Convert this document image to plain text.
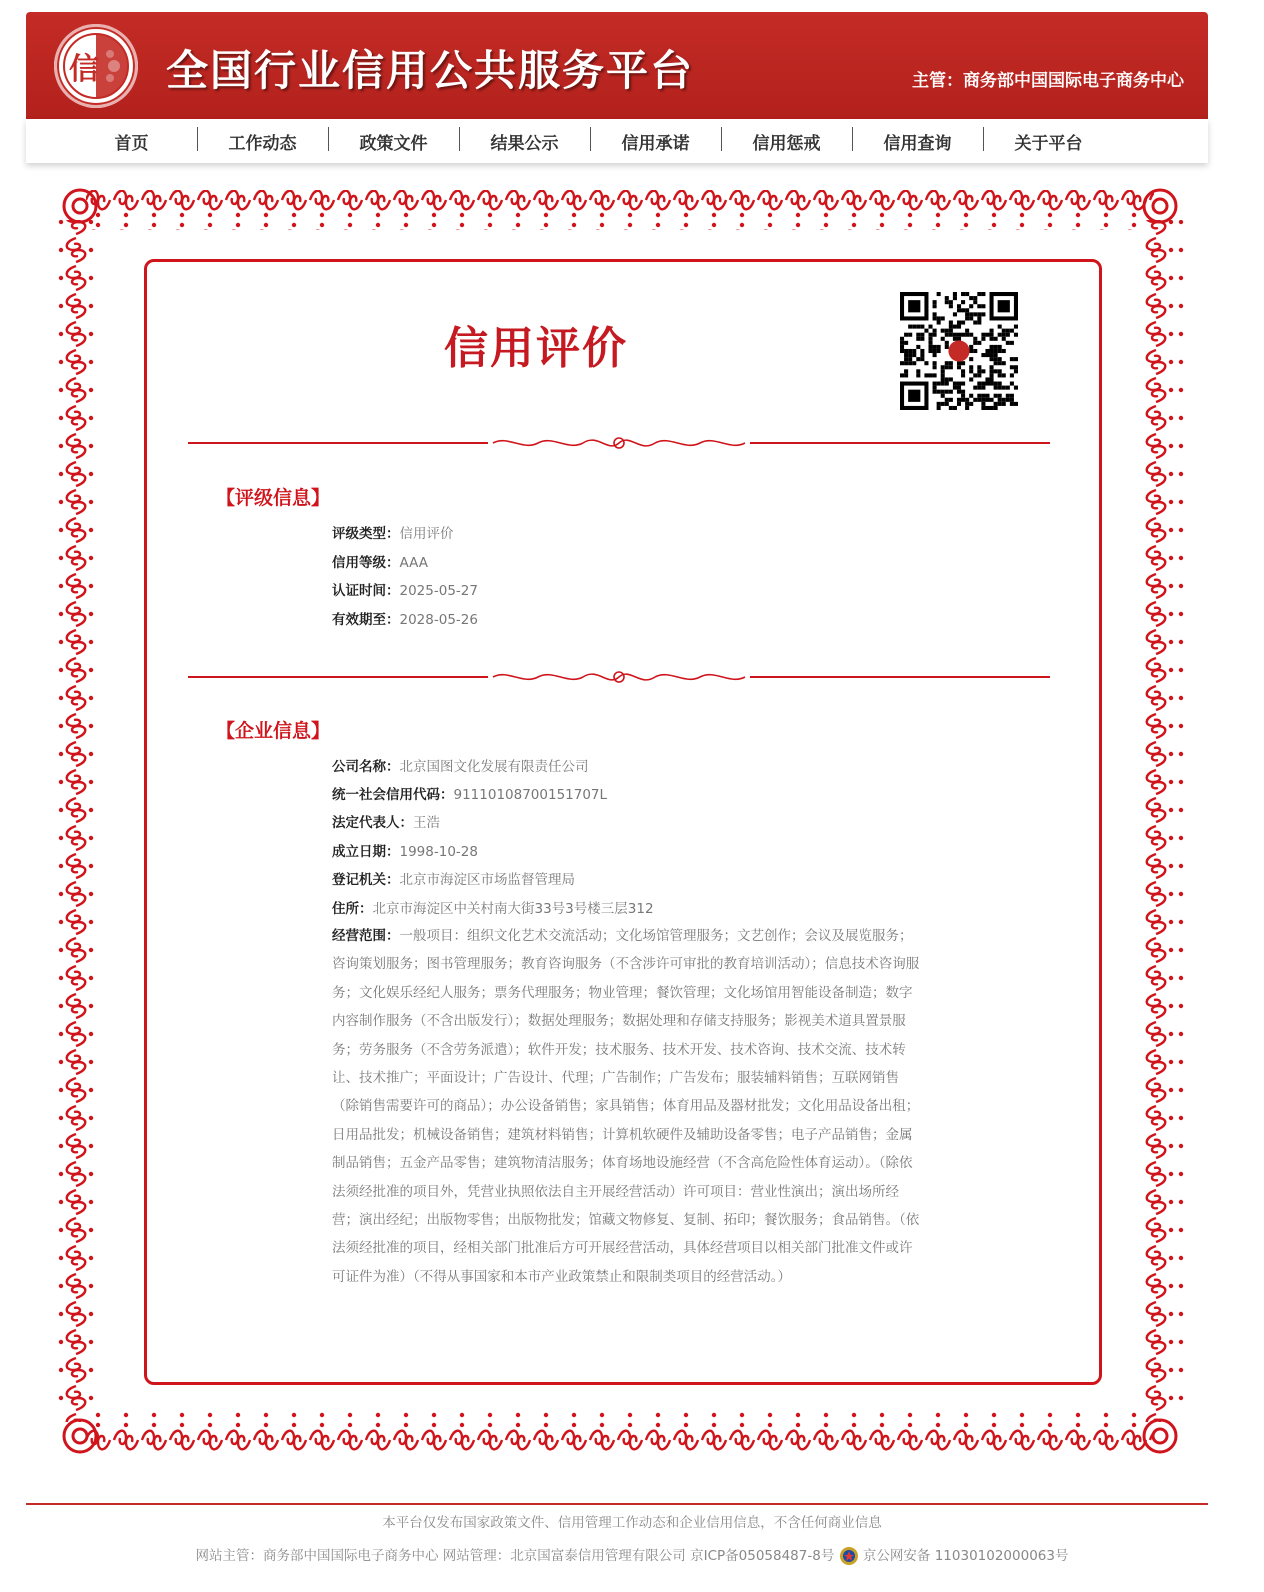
信 全国行业信用公共服务平台	主管：商务部中国国际电子商务中心
首页	工作动态	政策文件	结果公示	信用承诺	信用惩戒	信用查询	关于平台
信用评价
【评级信息】
评级类型：信用评价
信用等级：AAA
认证时间：2025-05-27
有效期至：2028-05-26
【企业信息】
公司名称：北京国图文化发展有限责任公司
统一社会信用代码：91110108700151707L
法定代表人：王浩
成立日期：1998-10-28
登记机关：北京市海淀区市场监督管理局
住所：北京市海淀区中关村南大街33号3号楼三层312
经营范围：一般项目：组织文化艺术交流活动；文化场馆管理服务；文艺创作；会议及展览服务；咨询策划服务；图书管理服务；教育咨询服务（不含涉许可审批的教育培训活动）；信息技术咨询服务；文化娱乐经纪人服务；票务代理服务；物业管理；餐饮管理；文化场馆用智能设备制造；数字内容制作服务（不含出版发行）；数据处理服务；数据处理和存储支持服务；影视美术道具置景服务；劳务服务（不含劳务派遣）；软件开发；技术服务、技术开发、技术咨询、技术交流、技术转让、技术推广；平面设计；广告设计、代理；广告制作；广告发布；服装辅料销售；互联网销售（除销售需要许可的商品）；办公设备销售；家具销售；体育用品及器材批发；文化用品设备出租；日用品批发；机械设备销售；建筑材料销售；计算机软硬件及辅助设备零售；电子产品销售；金属制品销售；五金产品零售；建筑物清洁服务；体育场地设施经营（不含高危险性体育运动）。（除依法须经批准的项目外，凭营业执照依法自主开展经营活动）许可项目：营业性演出；演出场所经营；演出经纪；出版物零售；出版物批发；馆藏文物修复、复制、拓印；餐饮服务；食品销售。（依法须经批准的项目，经相关部门批准后方可开展经营活动，具体经营项目以相关部门批准文件或许可证件为准）（不得从事国家和本市产业政策禁止和限制类项目的经营活动。）
本平台仅发布国家政策文件、信用管理工作动态和企业信用信息，不含任何商业信息
网站主管：商务部中国国际电子商务中心 网站管理：北京国富泰信用管理有限公司 京ICP备05058487-8号 京公网安备 11030102000063号
